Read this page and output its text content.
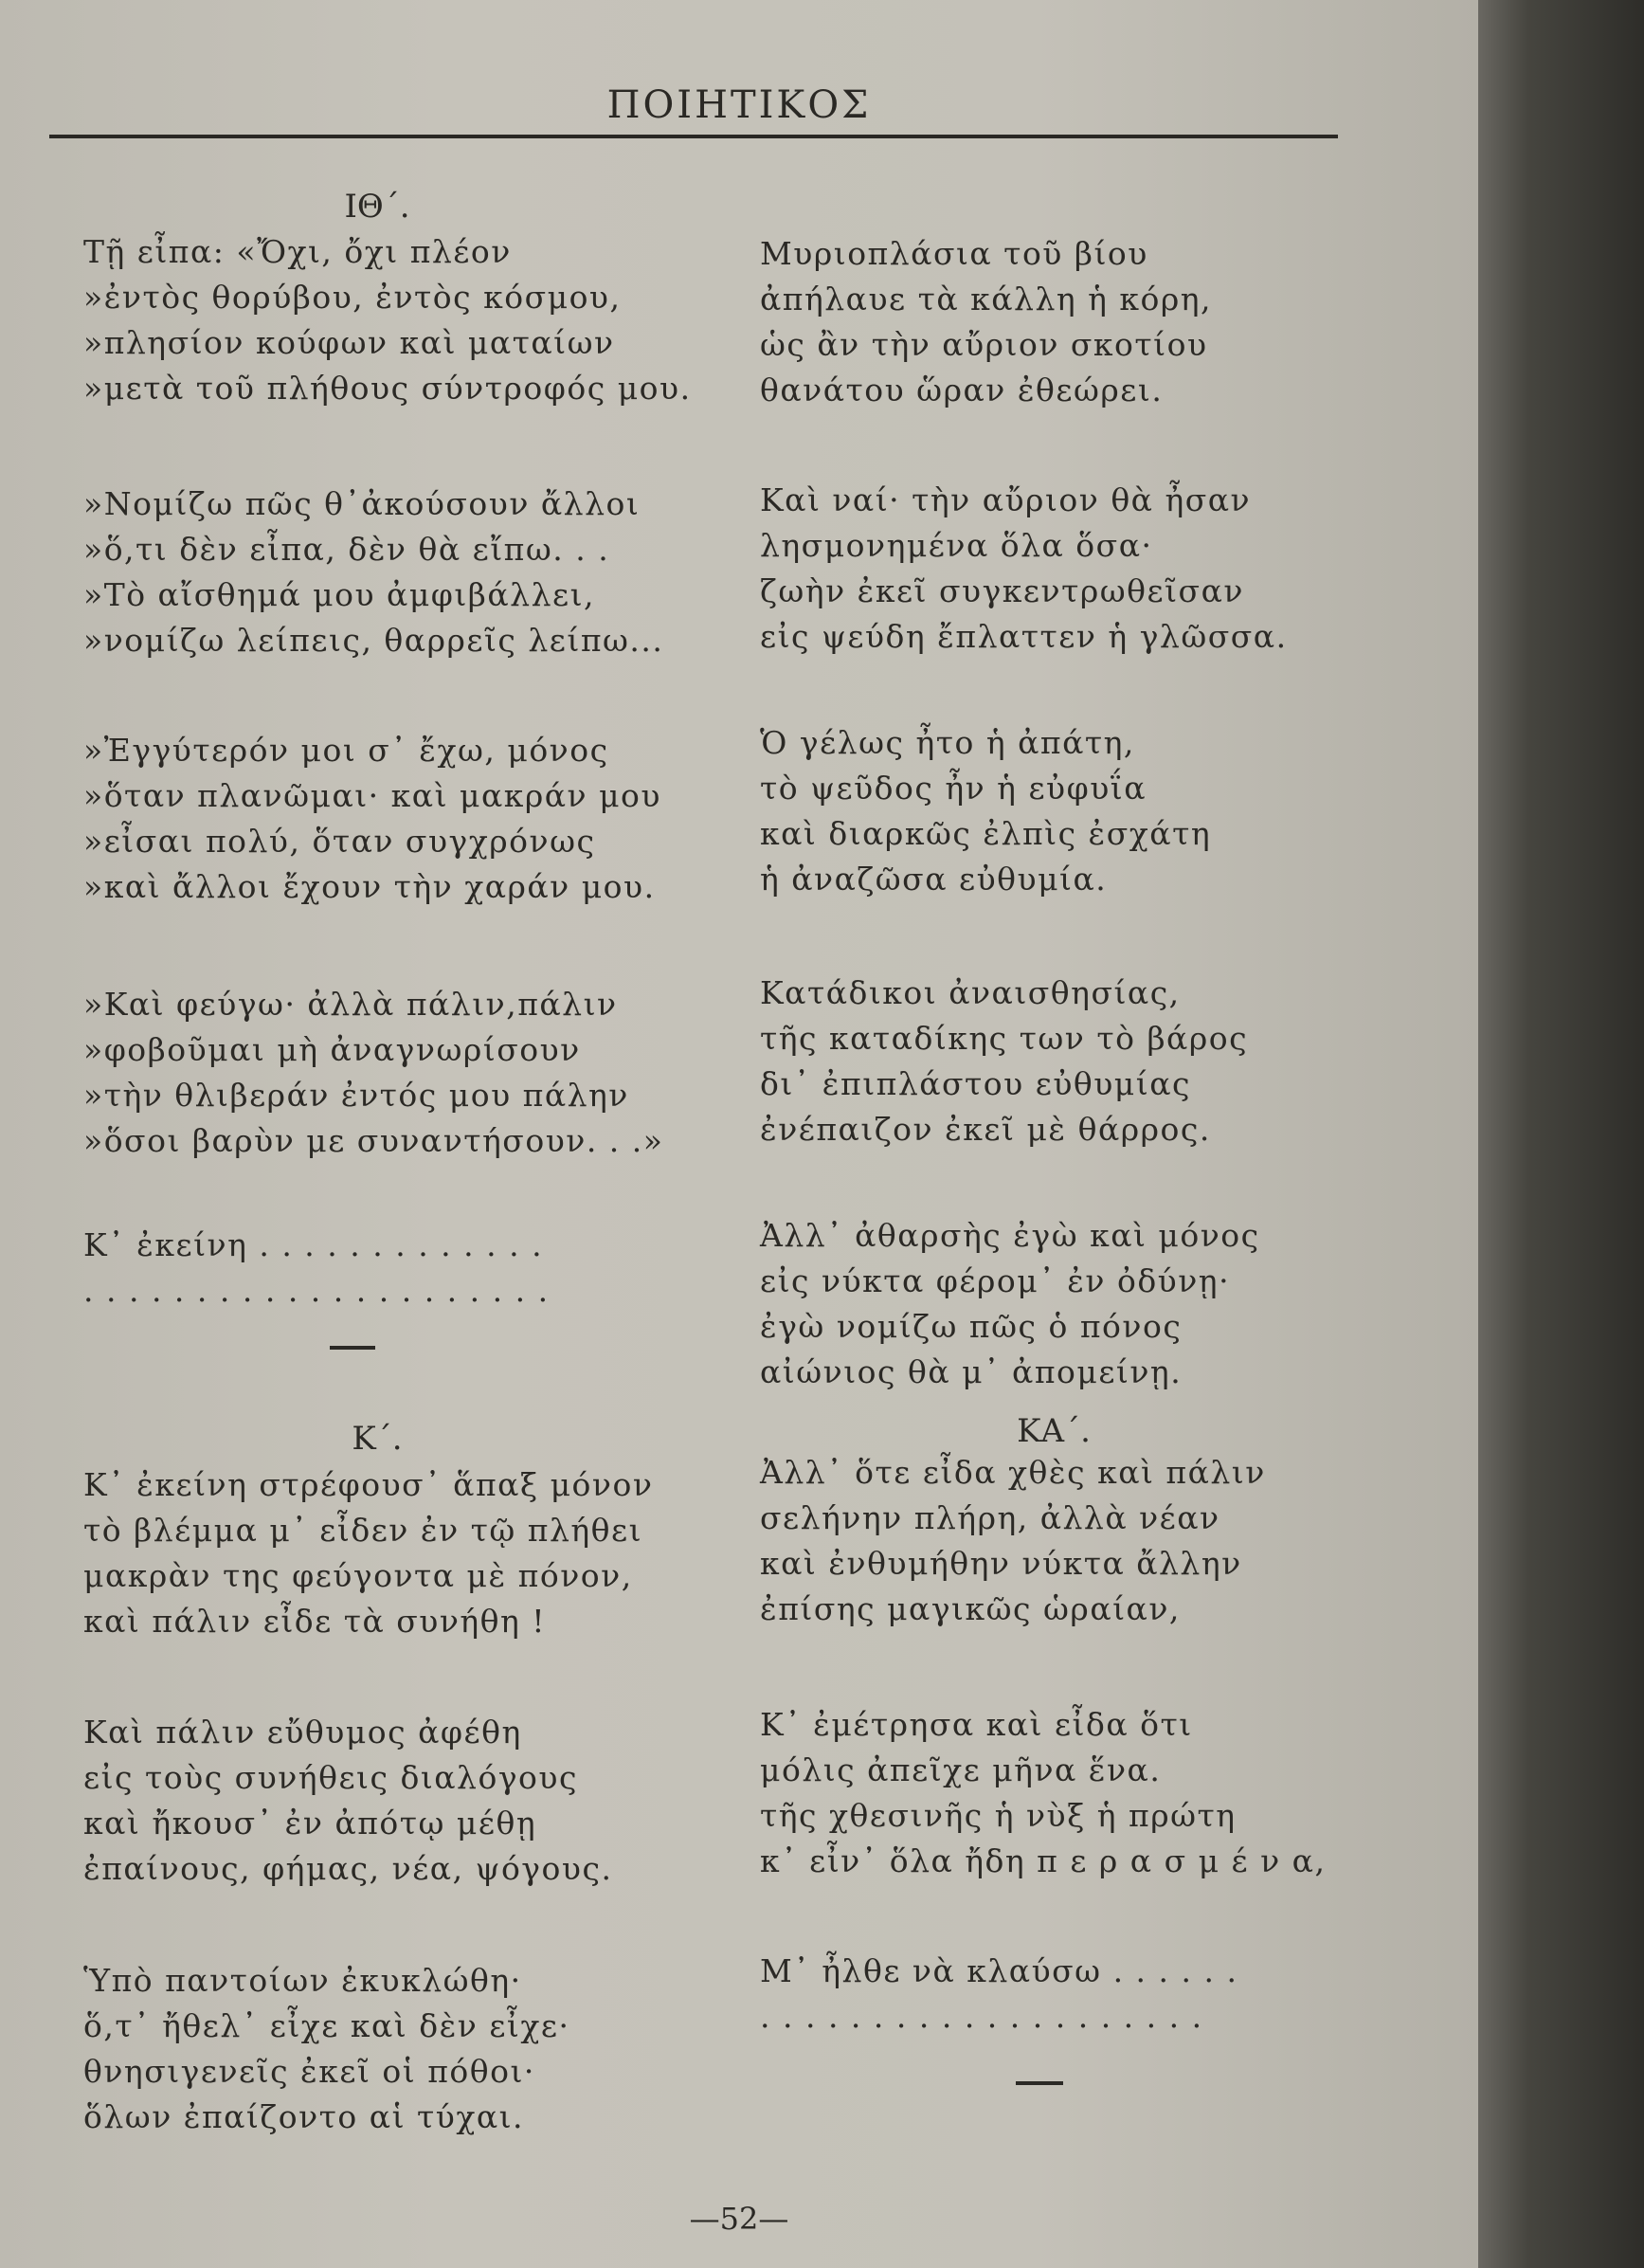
ΠΟΙΗΤΙΚΟΣ
ΙΘ΄.
Τῇ εἶπα: «Ὄχι, ὄχι πλέον
»ἐντὸς θορύβου, ἐντὸς κόσμου,
»πλησίον κούφων καὶ ματαίων
»μετὰ τοῦ πλήθους σύντροφός μου.
»Νομίζω πῶς θ᾽ἀκούσουν ἄλλοι
»ὅ,τι δὲν εἶπα, δὲν θὰ εἴπω. . .
»Τὸ αἴσθημά μου ἀμφιβάλλει,
»νομίζω λείπεις, θαρρεῖς λείπω...
»Ἐγγύτερόν μοι σ᾽ ἔχω, μόνος
»ὅταν πλανῶμαι· καὶ μακράν μου
»εἶσαι πολύ, ὅταν συγχρόνως
»καὶ ἄλλοι ἔχουν τὴν χαράν μου.
»Καὶ φεύγω· ἀλλὰ πάλιν,πάλιν
»φοβοῦμαι μὴ ἀναγνωρίσουν
»τὴν θλιβεράν ἐντός μου πάλην
»ὅσοι βαρὺν με συναντήσουν. . .»
Κ᾽ ἐκείνη . . . . . . . . . . . . .
. . . . . . . . . . . . . . . . . . . . .
Κ΄.
Κ᾽ ἐκείνη στρέφουσ᾽ ἅπαξ μόνον
τὸ βλέμμα μ᾽ εἶδεν ἐν τῷ πλήθει
μακρὰν της φεύγοντα μὲ πόνον,
καὶ πάλιν εἶδε τὰ συνήθη !
Καὶ πάλιν εὔθυμος ἀφέθη
εἰς τοὺς συνήθεις διαλόγους
καὶ ἤκουσ᾽ ἐν ἀπότῳ μέθῃ
ἐπαίνους, φήμας, νέα, ψόγους.
Ὑπὸ παντοίων ἐκυκλώθη·
ὅ,τ᾽ ἤθελ᾽ εἶχε καὶ δὲν εἶχε·
θνησιγενεῖς ἐκεῖ οἱ πόθοι·
ὅλων ἐπαίζοντο αἱ τύχαι.
Μυριοπλάσια τοῦ βίου
ἀπήλαυε τὰ κάλλη ἡ κόρη,
ὡς ἂν τὴν αὔριον σκοτίου
θανάτου ὥραν ἐθεώρει.
Καὶ ναί· τὴν αὔριον θὰ ἦσαν
λησμονημένα ὅλα ὅσα·
ζωὴν ἐκεῖ συγκεντρωθεῖσαν
εἰς ψεύδη ἔπλαττεν ἡ γλῶσσα.
Ὁ γέλως ἦτο ἡ ἀπάτη,
τὸ ψεῦδος ἦν ἡ εὐφυΐα
καὶ διαρκῶς ἐλπὶς ἐσχάτη
ἡ ἀναζῶσα εὐθυμία.
Κατάδικοι ἀναισθησίας,
τῆς καταδίκης των τὸ βάρος
δι᾽ ἐπιπλάστου εὐθυμίας
ἐνέπαιζον ἐκεῖ μὲ θάρρος.
Ἀλλ᾽ ἀθαρσὴς ἐγὼ καὶ μόνος
εἰς νύκτα φέρομ᾽ ἐν ὀδύνῃ·
ἐγὼ νομίζω πῶς ὁ πόνος
αἰώνιος θὰ μ᾽ ἀπομείνῃ.
ΚΑ΄.
Ἀλλ᾽ ὅτε εἶδα χθὲς καὶ πάλιν
σελήνην πλήρη, ἀλλὰ νέαν
καὶ ἐνθυμήθην νύκτα ἄλλην
ἐπίσης μαγικῶς ὡραίαν,
Κ᾽ ἐμέτρησα καὶ εἶδα ὅτι
μόλις ἀπεῖχε μῆνα ἕνα.
τῆς χθεσινῆς ἡ νὺξ ἡ πρώτη
κ᾽ εἶν᾽ ὅλα ἤδη π ε ρ α σ μ έ ν α,
Μ᾽ ἦλθε νὰ κλαύσω . . . . . .
. . . . . . . . . . . . . . . . . . . .
—52—
